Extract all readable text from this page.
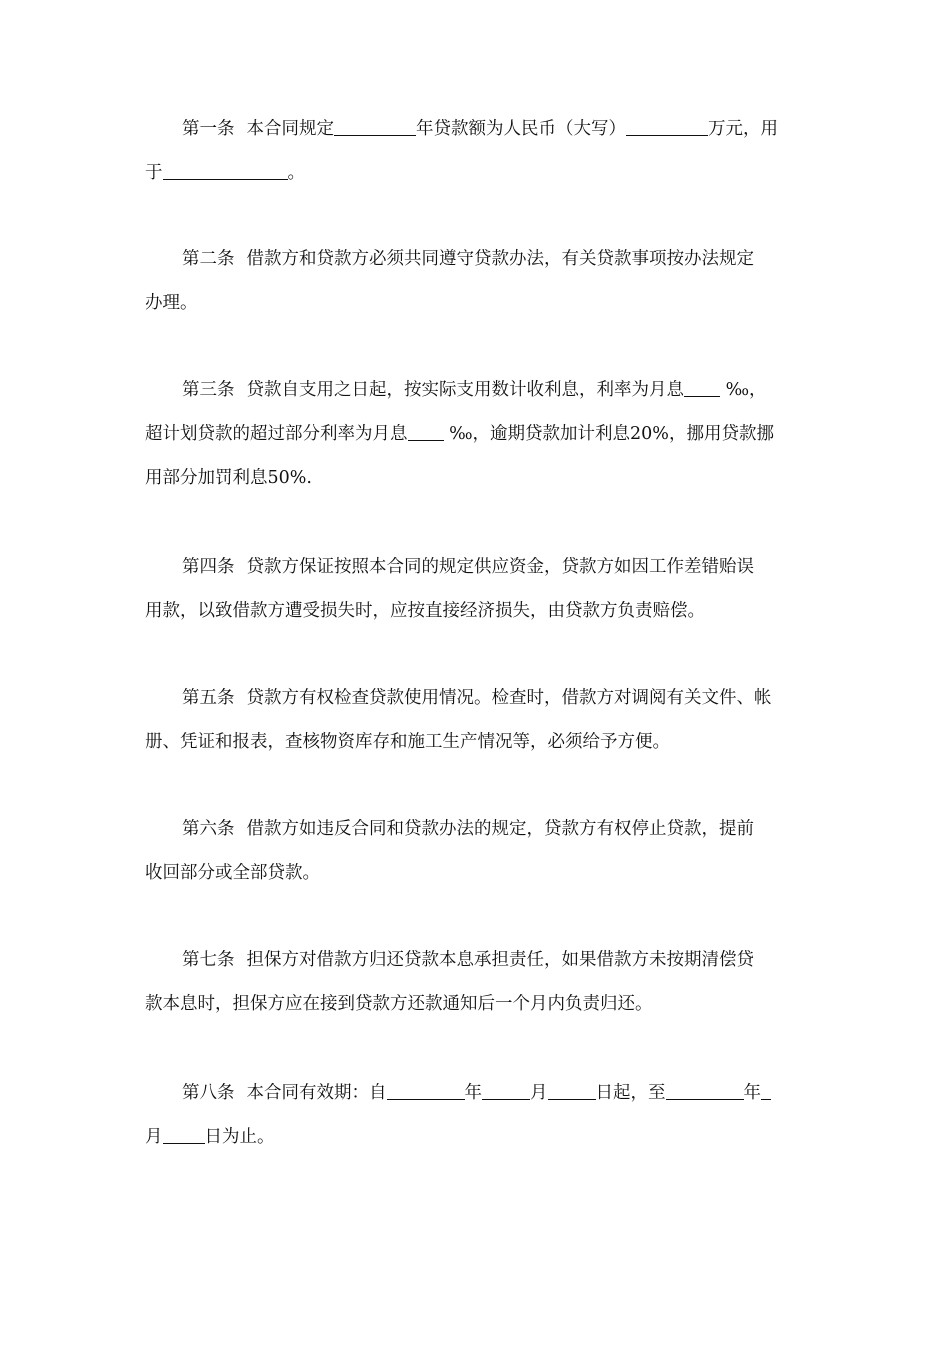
第一条 本合同规定	年贷款额为人民币（大写）	万元，用
于	。
第二条 借款方和贷款方必须共同遵守贷款办法，有关贷款事项按办法规定
办理。
第三条 贷款自支用之日起，按实际支用数计收利息，利率为月息 ‰，
超计划贷款的超过部分利率为月息 ‰，逾期贷款加计利息20%，挪用贷款挪
用部分加罚利息50%.
第四条 贷款方保证按照本合同的规定供应资金，贷款方如因工作差错贻误
用款，以致借款方遭受损失时，应按直接经济损失，由贷款方负责赔偿。
第五条 贷款方有权检查贷款使用情况。检查时，借款方对调阅有关文件、帐
册、凭证和报表，查核物资库存和施工生产情况等，必须给予方便。
第六条 借款方如违反合同和贷款办法的规定，贷款方有权停止贷款，提前
收回部分或全部贷款。
第七条 担保方对借款方归还贷款本息承担责任，如果借款方未按期清偿贷
款本息时，担保方应在接到贷款方还款通知后一个月内负责归还。
第八条 本合同有效期：自	年	月	日起，至	年
月 日为止。
